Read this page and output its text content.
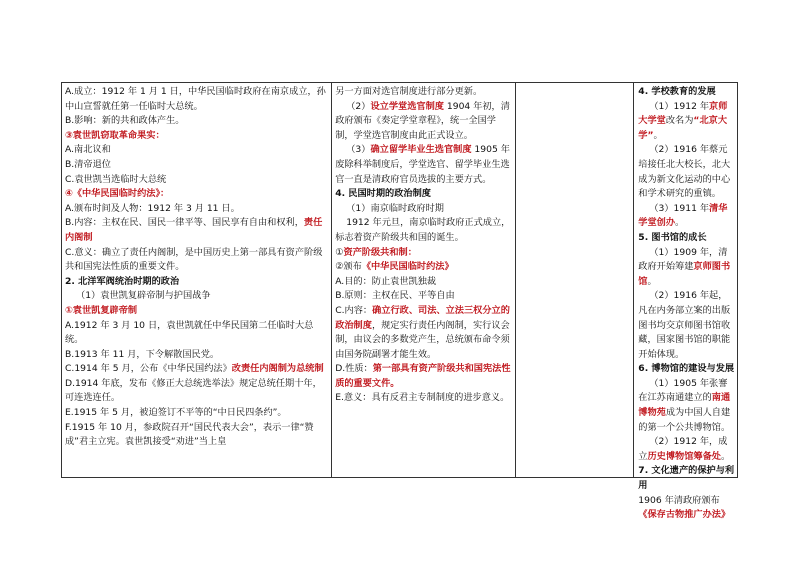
A.成立：1912 年 1 月 1 日，中华民国临时政府在南京成立，孙中山宣誓就任第一任临时大总统。

B.影响：新的共和政体产生。

③袁世凯窃取革命果实：

A.南北议和

B.清帝退位

C.袁世凯当选临时大总统

④《中华民国临时约法》：

A.颁布时间及人物：1912 年 3 月 11 日。

B.内容：主权在民、国民一律平等、国民享有自由和权利，责任内阁制

C.意义：确立了责任内阁制，是中国历史上第一部具有资产阶级共和国宪法性质的重要文件。

2. 北洋军阀统治时期的政治

（1）袁世凯复辟帝制与护国战争

①袁世凯复辟帝制

A.1912 年 3 月 10 日，袁世凯就任中华民国第二任临时大总统。

B.1913 年 11 月，下令解散国民党。

C.1914 年 5 月，公布《中华民国约法》改责任内阁制为总统制

D.1914 年底，发布《修正大总统选举法》规定总统任期十年，可连选连任。

E.1915 年 5 月，被迫签订不平等的“中日民四条约”。

F.1915 年 10 月，参政院召开“国民代表大会”，表示一律“赞成”君主立宪。袁世凯接受“劝进”当上皇

另一方面对选官制度进行部分更新。

（2）设立学堂选官制度 1904 年初，清政府颁布《奏定学堂章程》，统一全国学制，学堂选官制度由此正式设立。

（3）确立留学毕业生选官制度 1905 年废除科举制度后，学堂选官、留学毕业生选官一直是清政府官员选拔的主要方式。

4. 民国时期的政治制度

（1）南京临时政府时期

1912 年元旦，南京临时政府正式成立，标志着资产阶级共和国的诞生。

①资产阶级共和制：

②颁布《中华民国临时约法》

A.目的：防止袁世凯独裁

B.原则：主权在民、平等自由

C.内容：确立行政、司法、立法三权分立的政治制度，规定实行责任内阁制，实行议会制，由议会的多数党产生，总统颁布命令须由国务院副署才能生效。

D.性质：第一部具有资产阶级共和国宪法性质的重要文件。

E.意义：具有反君主专制制度的进步意义。

4. 学校教育的发展

（1）1912 年京师大学堂改名为“北京大学”。

（2）1916 年蔡元培接任北大校长，北大成为新文化运动的中心和学术研究的重镇。

（3）1911 年清华学堂创办。

5. 图书馆的成长

（1）1909 年，清政府开始筹建京师图书馆。

（2）1916 年起，凡在内务部立案的出版图书均交京师图书馆收藏，国家图书馆的职能开始体现。

6. 博物馆的建设与发展

（1）1905 年张謇在江苏南通建立的南通博物苑成为中国人自建的第一个公共博物馆。

（2）1912 年，成立历史博物馆筹备处。

7. 文化遗产的保护与利用

1906 年清政府颁布《保存古物推广办法》
